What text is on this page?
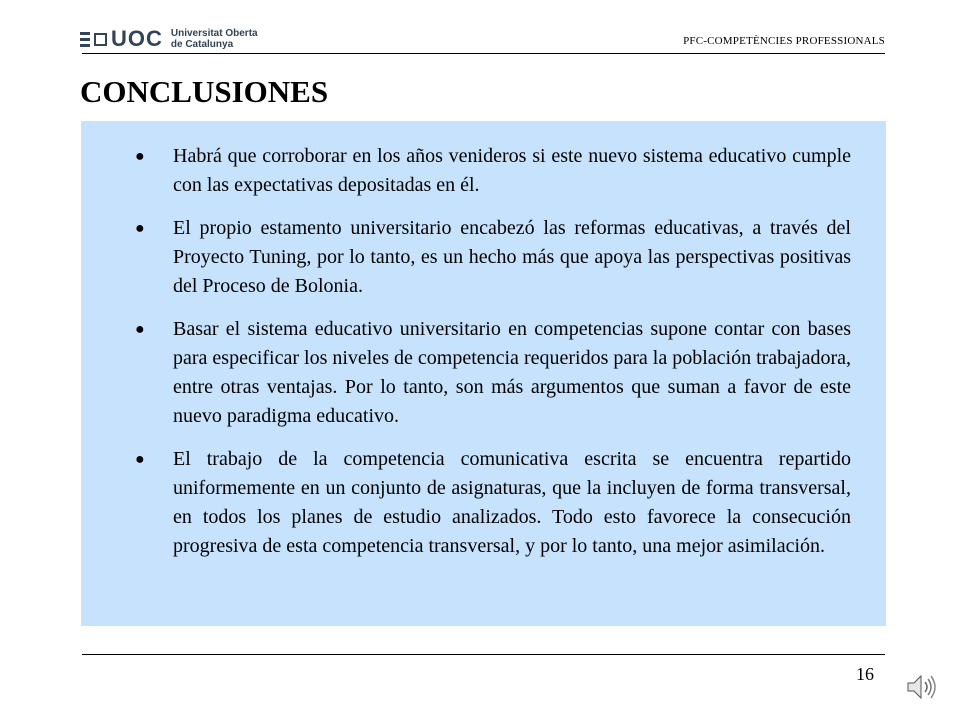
UOC Universitat Oberta
de Catalunya	PFC-COMPETÈNCIES PROFESSIONALS
CONCLUSIONES
● Habrá que corroborar en los años venideros si este nuevo sistema educativo cumple con las expectativas depositadas en él.
● El propio estamento universitario encabezó las reformas educativas, a través del Proyecto Tuning, por lo tanto, es un hecho más que apoya las perspectivas positivas del Proceso de Bolonia.
● Basar el sistema educativo universitario en competencias supone contar con bases para especificar los niveles de competencia requeridos para la población trabajadora, entre otras ventajas. Por lo tanto, son más argumentos que suman a favor de este nuevo paradigma educativo.
● El trabajo de la competencia comunicativa escrita se encuentra repartido uniformemente en un conjunto de asignaturas, que la incluyen de forma transversal, en todos los planes de estudio analizados. Todo esto favorece la consecución progresiva de esta competencia transversal, y por lo tanto, una mejor asimilación.
16
